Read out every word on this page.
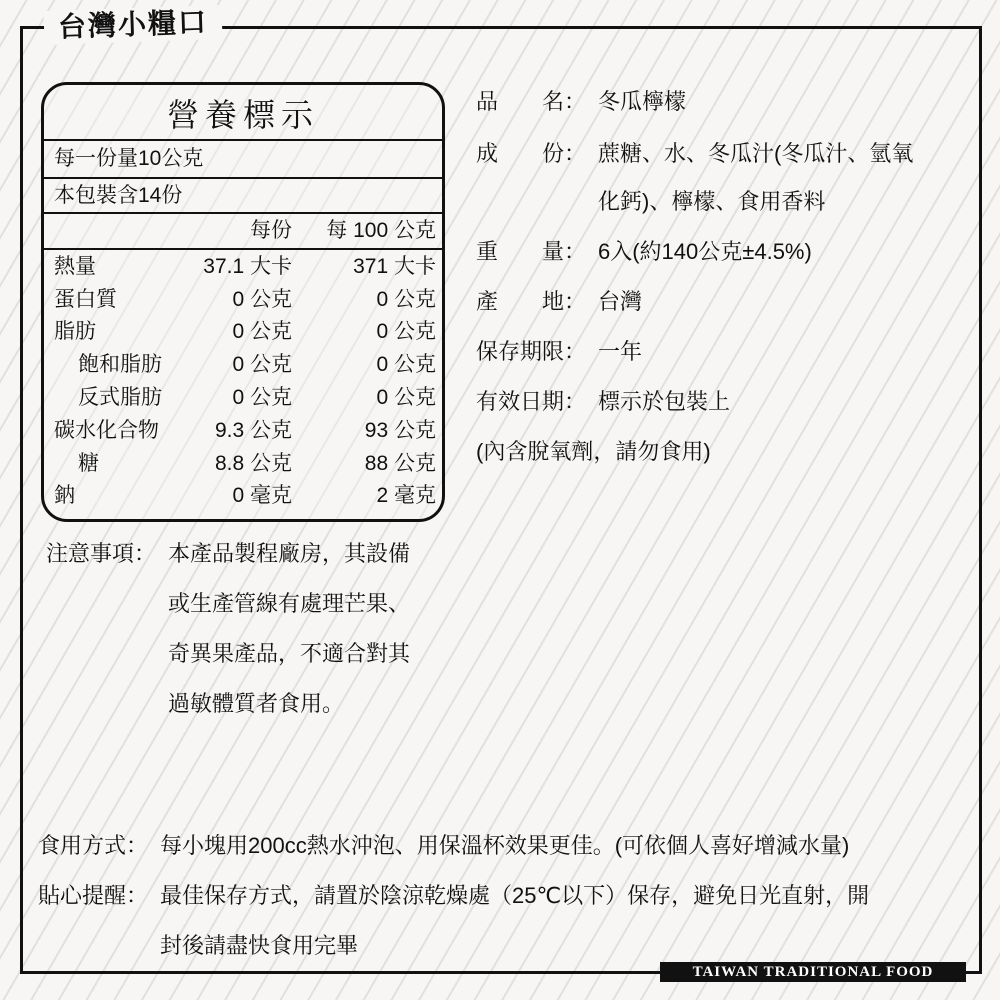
台灣小糧口
營養標示
每一份量10公克
本包裝含14份
每份 每 100 公克
熱量	37.1 大卡	371 大卡
蛋白質	0 公克	0 公克
脂肪	0 公克	0 公克
飽和脂肪	0 公克	0 公克
反式脂肪	0 公克	0 公克
碳水化合物	9.3 公克	93 公克
糖	8.8 公克	88 公克
鈉	0 毫克	2 毫克
品　　名： 冬瓜檸檬
成　　份： 蔗糖、水、冬瓜汁(冬瓜汁、氫氧
化鈣)、檸檬、食用香料
重　　量： 6入(約140公克±4.5%)
產　　地： 台灣
保存期限： 一年
有效日期： 標示於包裝上
(內含脫氧劑，請勿食用)
注意事項： 本產品製程廠房，其設備
或生產管線有處理芒果、
奇異果產品，不適合對其
過敏體質者食用。
食用方式： 每小塊用200cc熱水沖泡、用保溫杯效果更佳。(可依個人喜好增減水量)
貼心提醒： 最佳保存方式，請置於陰涼乾燥處（25℃以下）保存，避免日光直射，開
封後請盡快食用完畢
TAIWAN TRADITIONAL FOOD
